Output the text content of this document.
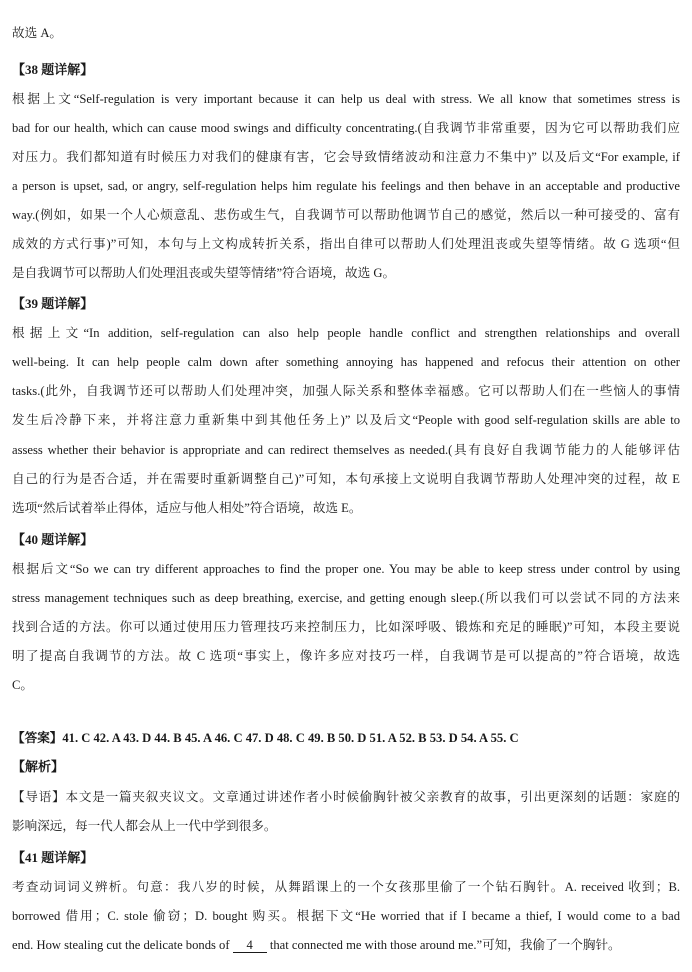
故选 A。
【38 题详解】
根据上文“Self-regulation is very important because it can help us deal with stress. We all know that sometimes stress is
bad for our health, which can cause mood swings and difficulty concentrating.(自我调节非常重要，因为它可以帮助我们应
对压力。我们都知道有时候压力对我们的健康有害，它会导致情绪波动和注意力不集中)” 以及后文“For example, if
a person is upset, sad, or angry, self-regulation helps him regulate his feelings and then behave in an acceptable and productive
way.(例如，如果一个人心烦意乱、悲伤或生气，自我调节可以帮助他调节自己的感觉，然后以一种可接受的、富有
成效的方式行事)”可知，本句与上文构成转折关系，指出自律可以帮助人们处理沮丧或失望等情绪。故 G 选项“但
是自我调节可以帮助人们处理沮丧或失望等情绪”符合语境，故选 G。
【39 题详解】
根据上文“In addition, self-regulation can also help people handle conflict and strengthen relationships and overall
well-being. It can help people calm down after something annoying has happened and refocus their attention on other
tasks.(此外，自我调节还可以帮助人们处理冲突，加强人际关系和整体幸福感。它可以帮助人们在一些恼人的事情
发生后冷静下来，并将注意力重新集中到其他任务上)” 以及后文“People with good self-regulation skills are able to
assess whether their behavior is appropriate and can redirect themselves as needed.(具有良好自我调节能力的人能够评估
自己的行为是否合适，并在需要时重新调整自己)”可知，本句承接上文说明自我调节帮助人处理冲突的过程，故 E
选项“然后试着举止得体，适应与他人相处”符合语境，故选 E。
【40 题详解】
根据后文“So we can try different approaches to find the proper one. You may be able to keep stress under control by using
stress management techniques such as deep breathing, exercise, and getting enough sleep.(所以我们可以尝试不同的方法来
找到合适的方法。你可以通过使用压力管理技巧来控制压力，比如深呼吸、锻炼和充足的睡眠)”可知，本段主要说
明了提高自我调节的方法。故 C 选项“事实上，像许多应对技巧一样，自我调节是可以提高的”符合语境，故选
C。
【答案】41. C 42. A 43. D 44. B 45. A 46. C 47. D 48. C 49. B 50. D 51. A 52. B 53. D 54. A 55. C
【解析】
【导语】本文是一篇夹叙夹议文。文章通过讲述作者小时候偷胸针被父亲教育的故事，引出更深刻的话题：家庭的
影响深远，每一代人都会从上一代中学到很多。
【41 题详解】
考查动词词义辨析。句意：我八岁的时候，从舞蹈课上的一个女孩那里偷了一个钻石胸针。A. received 收到；B.
borrowed 借用；C. stole 偷窃；D. bought 购买。根据下文“He worried that if I became a thief, I would come to a bad
end. How stealing cut the delicate bonds of 4 that connected me with those around me.”可知，我偷了一个胸针。
